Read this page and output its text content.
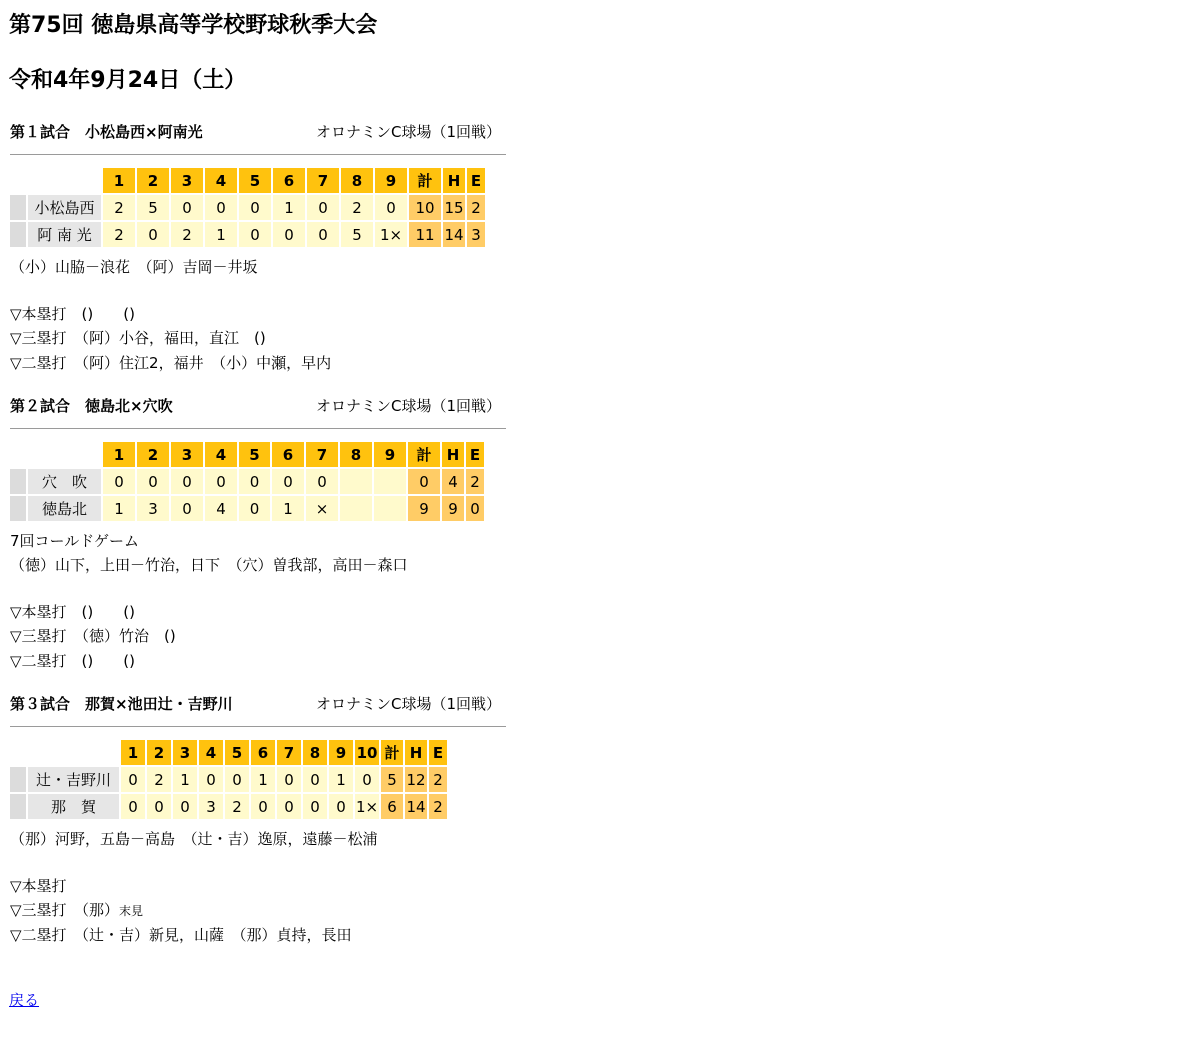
第75回 徳島県高等学校野球秋季大会
令和4年9月24日（土）
第１試合　小松島西×阿南光	オロナミンC球場（1回戦）
		1	2	3	4	5	6	7	8	9	計	H	E
	小松島西	2	5	0	0	0	1	0	2	0	10	15	2
	阿 南 光	2	0	2	1	0	0	0	5	1×	11	14	3
（小）山脇－浪花　（阿）吉岡－井坂
▽本塁打　()　　()
▽三塁打　（阿）小谷，福田，直江　()
▽二塁打　（阿）住江2，福井　（小）中瀬，早内
第２試合　徳島北×穴吹	オロナミンC球場（1回戦）
		1	2	3	4	5	6	7	8	9	計	H	E
	穴　吹	0	0	0	0	0	0	0			0	4	2
	徳島北	1	3	0	4	0	1	×			9	9	0
7回コールドゲーム
（徳）山下，上田－竹治，日下　（穴）曽我部，高田－森口
▽本塁打　()　　()
▽三塁打　（徳）竹治　()
▽二塁打　()　　()
第３試合　那賀×池田辻・吉野川	オロナミンC球場（1回戦）
		1	2	3	4	5	6	7	8	9	10	計	H	E
	辻・吉野川	0	2	1	0	0	1	0	0	1	0	5	12	2
	那　賀	0	0	0	3	2	0	0	0	0	1×	6	14	2
（那）河野，五島－高島　（辻・吉）逸原，遠藤－松浦
▽本塁打
▽三塁打　（那）末見
▽二塁打　（辻・吉）新見，山薩　（那）貞持，長田
戻る
